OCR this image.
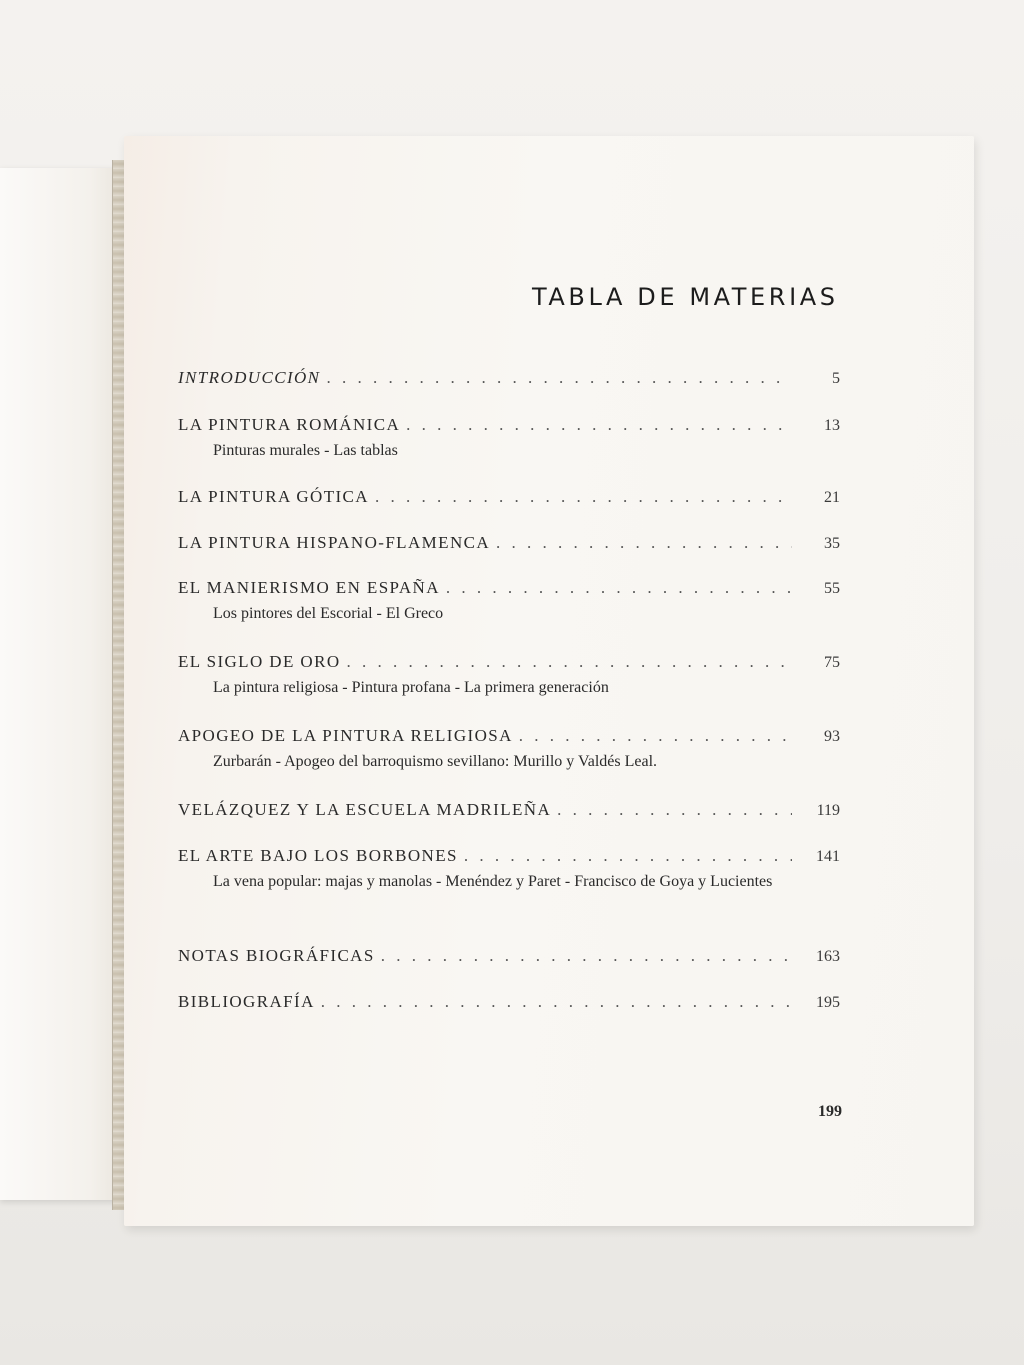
TABLA DE MATERIAS
INTRODUCCIÓN . . .	5
LA PINTURA ROMÁNICA . . .	13
Pinturas murales - Las tablas
LA PINTURA GÓTICA . . .	21
LA PINTURA HISPANO-FLAMENCA . . .	35
EL MANIERISMO EN ESPAÑA . . .	55
Los pintores del Escorial - El Greco
EL SIGLO DE ORO . . .	75
La pintura religiosa - Pintura profana - La primera generación
APOGEO DE LA PINTURA RELIGIOSA . . .	93
Zurbarán - Apogeo del barroquismo sevillano: Murillo y Valdés Leal.
VELÁZQUEZ Y LA ESCUELA MADRILEÑA . . .	119
EL ARTE BAJO LOS BORBONES . . .	141
La vena popular: majas y manolas - Menéndez y Paret - Francisco de Goya y Lucientes
NOTAS BIOGRÁFICAS . . .	163
BIBLIOGRAFÍA . . .	195
199
